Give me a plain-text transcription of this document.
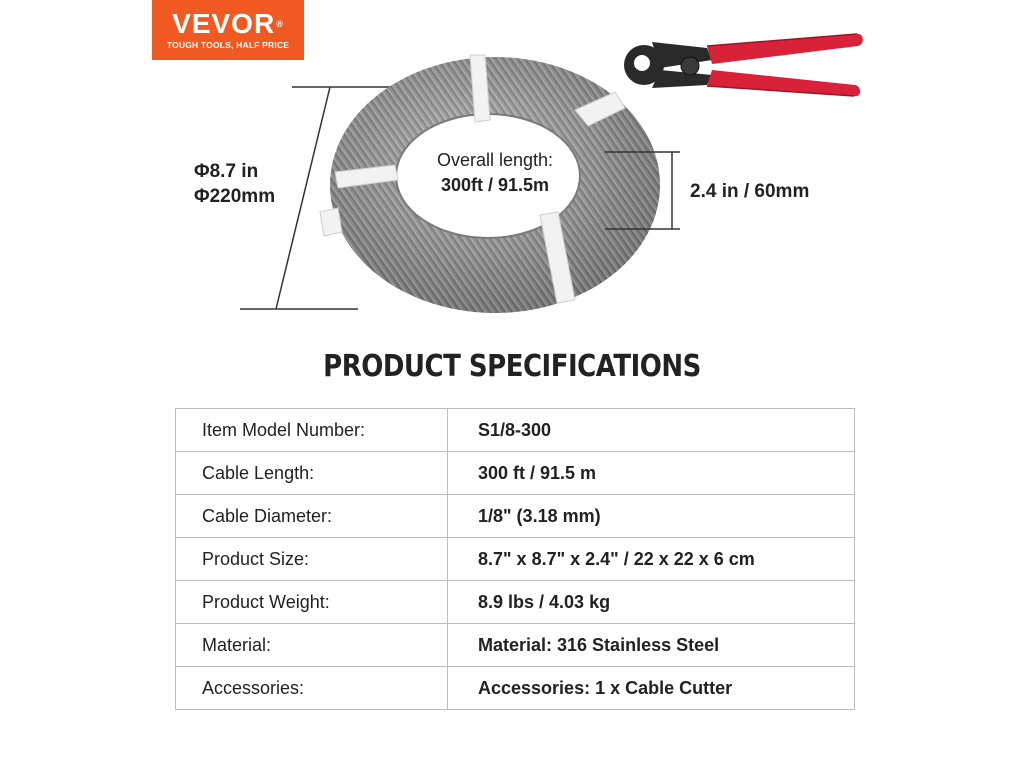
VEVOR®
TOUGH TOOLS, HALF PRICE
Φ8.7 in
Φ220mm	2.4 in / 60mm
Overall length:
300ft / 91.5m
PRODUCT SPECIFICATIONS
Item Model Number:	S1/8-300
Cable Length:	300 ft / 91.5 m
Cable Diameter:	1/8" (3.18 mm)
Product Size:	8.7" x 8.7" x 2.4" / 22 x 22 x 6 cm
Product Weight:	8.9 lbs / 4.03 kg
Material:	Material: 316 Stainless Steel
Accessories:	Accessories: 1 x Cable Cutter
